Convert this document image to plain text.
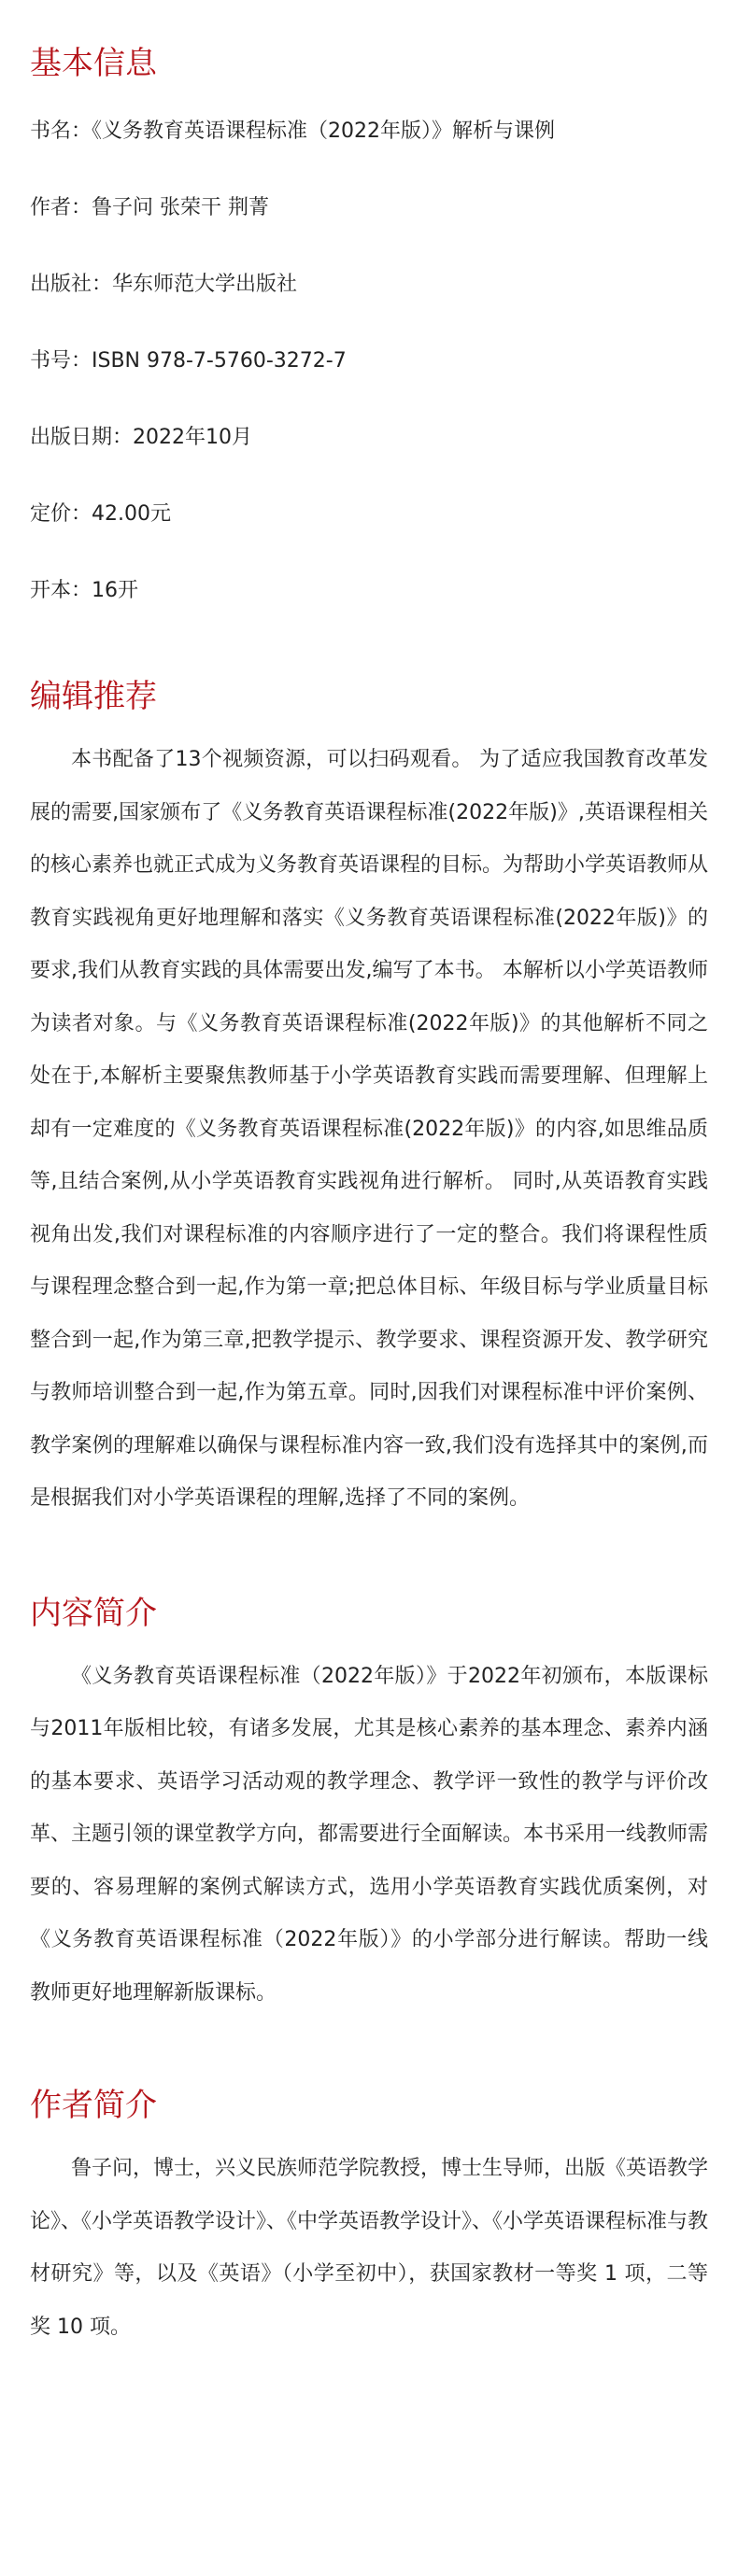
基本信息

书名：《义务教育英语课程标准（2022年版）》解析与课例

作者：鲁子问 张荣干 荆菁

出版社：华东师范大学出版社

书号：ISBN 978-7-5760-3272-7

出版日期：2022年10月

定价：42.00元

开本：16开

编辑推荐

本书配备了13个视频资源，可以扫码观看。 为了适应我国教育改革发展的需要,国家颁布了《义务教育英语课程标准(2022年版)》,英语课程相关的核心素养也就正式成为义务教育英语课程的目标。为帮助小学英语教师从教育实践视角更好地理解和落实《义务教育英语课程标准(2022年版)》的要求,我们从教育实践的具体需要出发,编写了本书。 本解析以小学英语教师为读者对象。与《义务教育英语课程标准(2022年版)》的其他解析不同之处在于,本解析主要聚焦教师基于小学英语教育实践而需要理解、但理解上却有一定难度的《义务教育英语课程标准(2022年版)》的内容,如思维品质等,且结合案例,从小学英语教育实践视角进行解析。 同时,从英语教育实践视角出发,我们对课程标准的内容顺序进行了一定的整合。我们将课程性质与课程理念整合到一起,作为第一章;把总体目标、年级目标与学业质量目标整合到一起,作为第三章,把教学提示、教学要求、课程资源开发、教学研究与教师培训整合到一起,作为第五章。同时,因我们对课程标准中评价案例、教学案例的理解难以确保与课程标准内容一致,我们没有选择其中的案例,而是根据我们对小学英语课程的理解,选择了不同的案例。

内容简介

《义务教育英语课程标准（2022年版）》于2022年初颁布，本版课标与2011年版相比较，有诸多发展，尤其是核心素养的基本理念、素养内涵的基本要求、英语学习活动观的教学理念、教学评一致性的教学与评价改革、主题引领的课堂教学方向，都需要进行全面解读。本书采用一线教师需要的、容易理解的案例式解读方式，选用小学英语教育实践优质案例，对《义务教育英语课程标准（2022年版）》的小学部分进行解读。帮助一线教师更好地理解新版课标。

作者简介

鲁子问，博士，兴义民族师范学院教授，博士生导师，出版《英语教学论》、《小学英语教学设计》、《中学英语教学设计》、《小学英语课程标准与教材研究》等，以及《英语》（小学至初中），获国家教材一等奖 1 项，二等奖 10 项。
